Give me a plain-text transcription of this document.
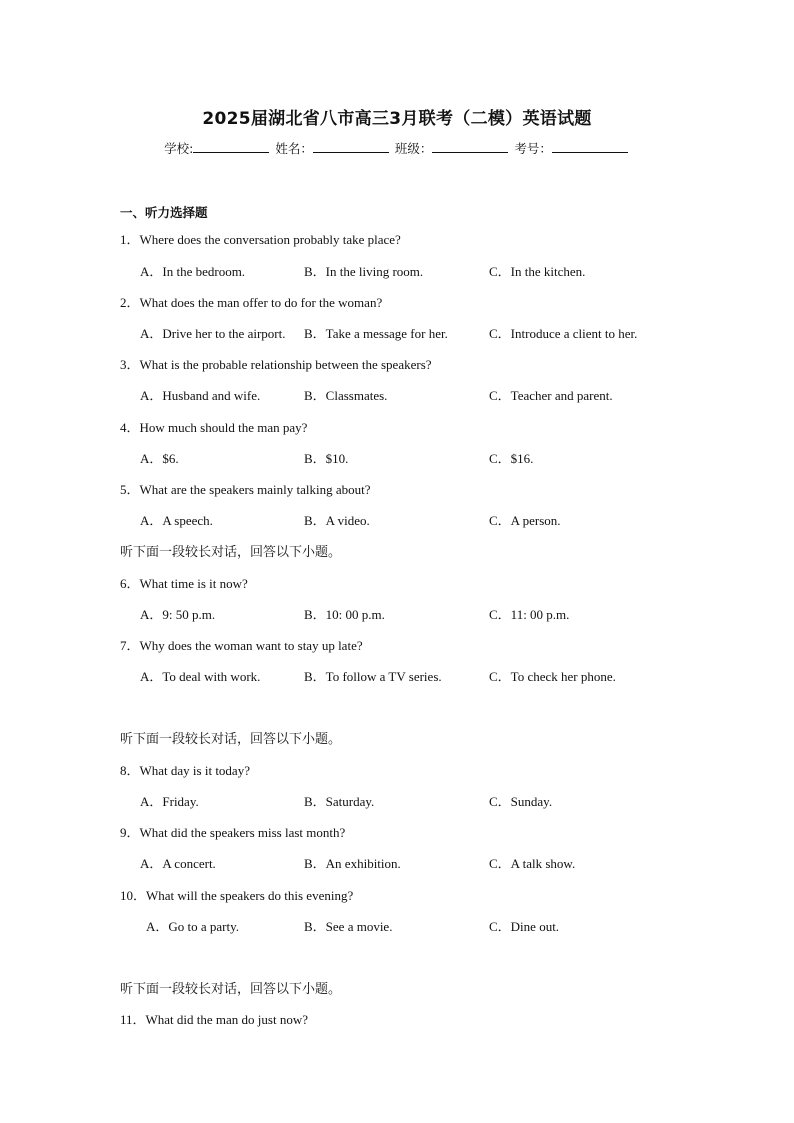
2025届湖北省八市高三3月联考（二模）英语试题
学校:	姓名：	班级：	考号：
一、听力选择题
1．Where does the conversation probably take place?
A．In the bedroom.	B．In the living room.	C．In the kitchen.
2．What does the man offer to do for the woman?
A．Drive her to the airport. B．Take a message for her.	C．Introduce a client to her.
3．What is the probable relationship between the speakers?
A．Husband and wife.	B．Classmates.	C．Teacher and parent.
4．How much should the man pay?
A．$6.	B．$10.	C．$16.
5．What are the speakers mainly talking about?
A．A speech.	B．A video.	C．A person.
听下面一段较长对话，回答以下小题。
6．What time is it now?
A．9: 50 p.m.	B．10: 00 p.m.	C．11: 00 p.m.
7．Why does the woman want to stay up late?
A．To deal with work.	B．To follow a TV series.	C．To check her phone.
听下面一段较长对话，回答以下小题。
8．What day is it today?
A．Friday.	B．Saturday.	C．Sunday.
9．What did the speakers miss last month?
A．A concert.	B．An exhibition.	C．A talk show.
10．What will the speakers do this evening?
A．Go to a party.	B．See a movie.	C．Dine out.
听下面一段较长对话，回答以下小题。
11．What did the man do just now?
